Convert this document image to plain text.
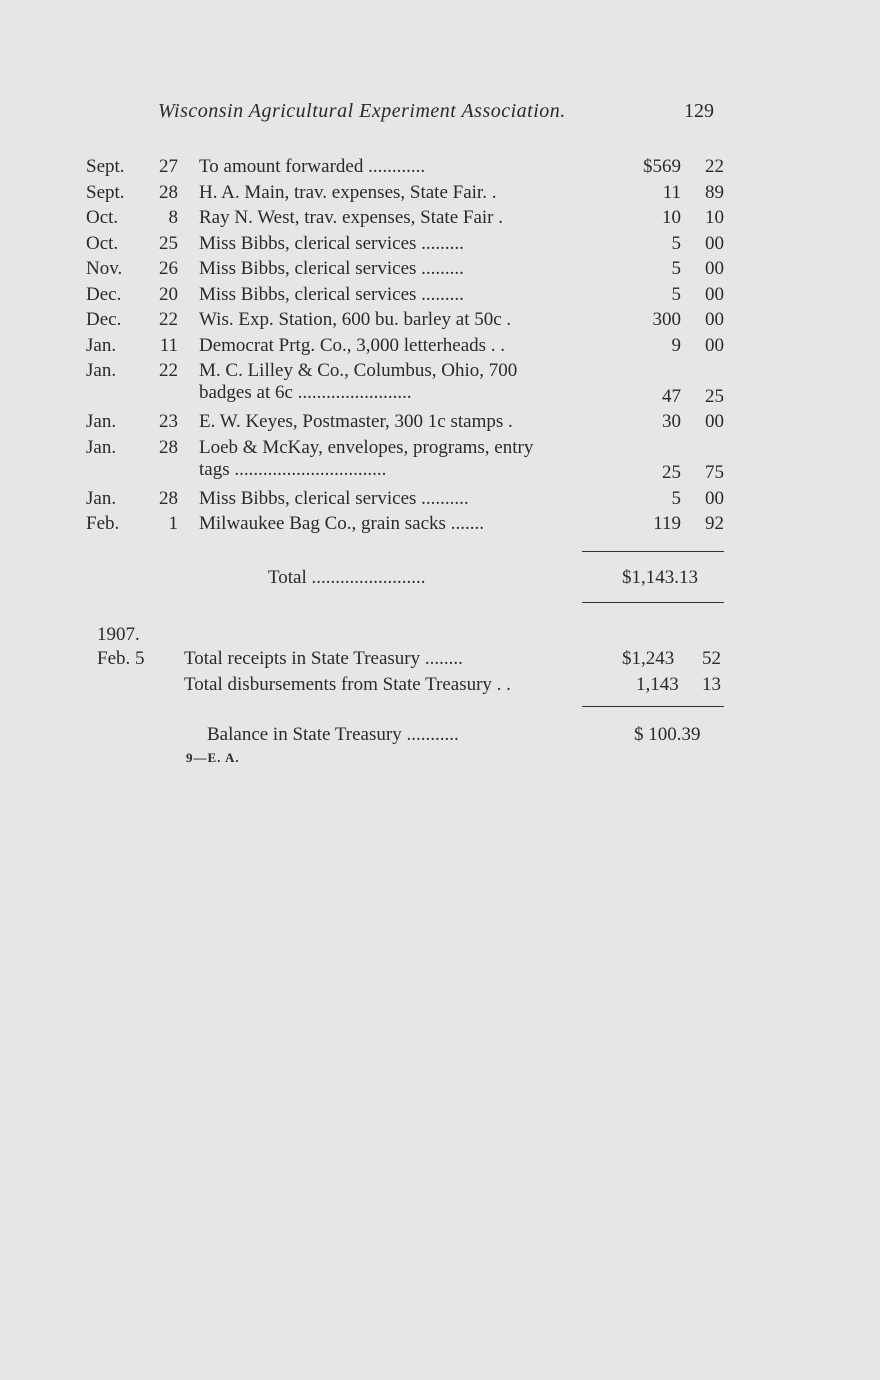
Wisconsin Agricultural Experiment Association.	129
Sept.	27 To amount forwarded ............	$569	22
Sept.	28 H. A. Main, trav. expenses, State Fair. .	11	89
Oct.	8 Ray N. West, trav. expenses, State Fair .	10	10
Oct.	25 Miss Bibbs, clerical services .........	5	00
Nov.	26 Miss Bibbs, clerical services .........	5	00
Dec.	20 Miss Bibbs, clerical services .........	5	00
Dec.	22 Wis. Exp. Station, 600 bu. barley at 50c .	300	00
Jan.	11 Democrat Prtg. Co., 3,000 letterheads . .	9	00
Jan.	22 M. C. Lilley & Co., Columbus, Ohio, 700
badges at 6c ........................	47	25
Jan.	23 E. W. Keyes, Postmaster, 300 1c stamps .	30	00
Jan.	28 Loeb & McKay, envelopes, programs, entry
tags ................................	25	75
Jan.	28 Miss Bibbs, clerical services ..........	5	00
Feb.	1 Milwaukee Bag Co., grain sacks .......	119	92
Total ........................	$1,143.13
1907.
Feb. 5 Total receipts in State Treasury ........	$1,243 52
Total disbursements from State Treasury . .	1,143 13
Balance in State Treasury ...........	$ 100.39
9—E. A.
